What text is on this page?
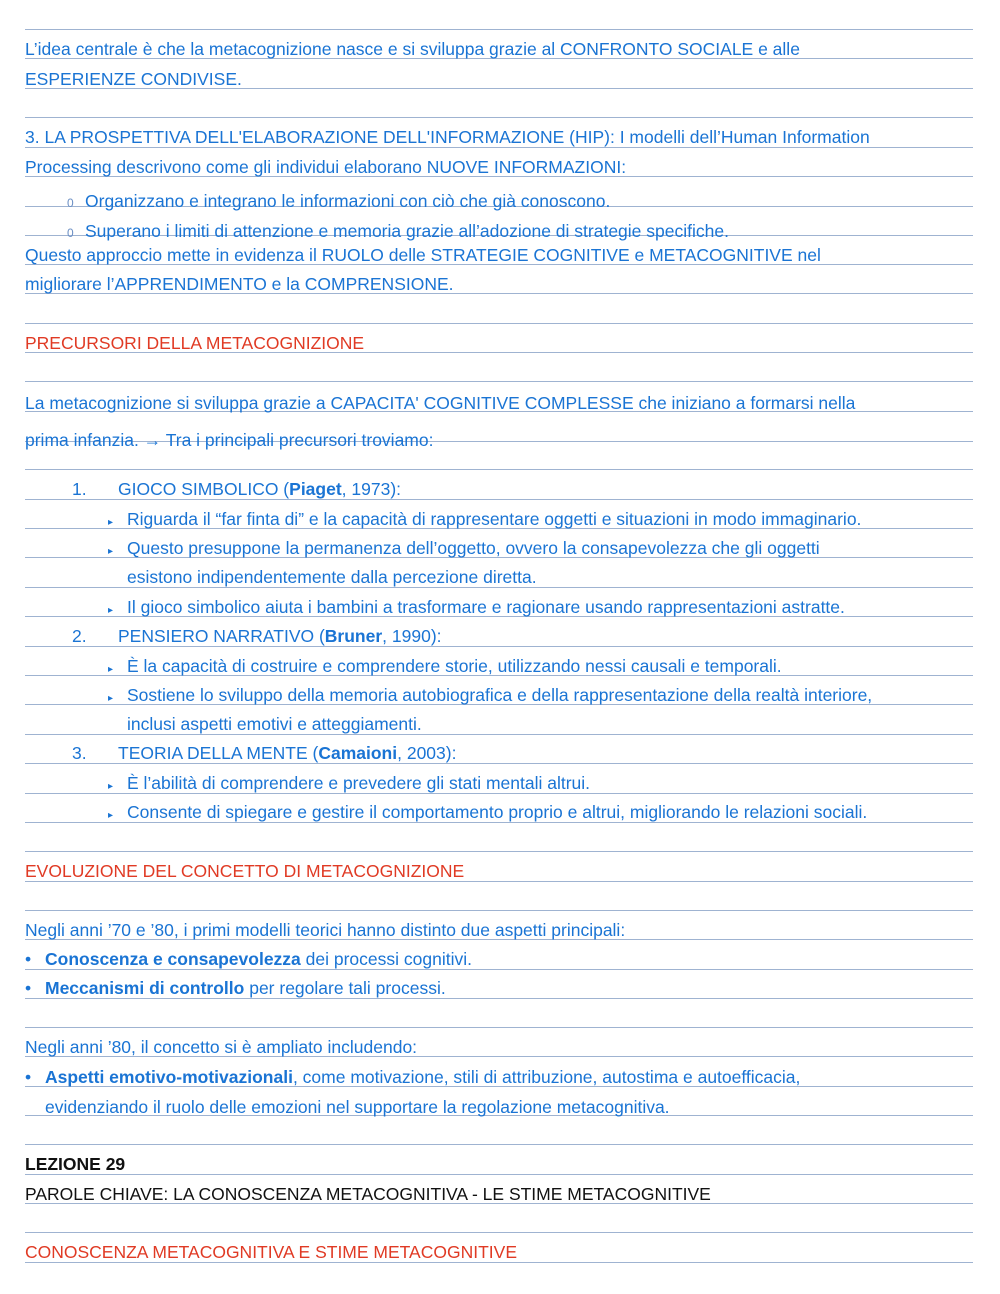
L’idea centrale è che la metacognizione nasce e si sviluppa grazie al CONFRONTO SOCIALE e alle
ESPERIENZE CONDIVISE.
3. LA PROSPETTIVA DELL'ELABORAZIONE DELL'INFORMAZIONE (HIP): I modelli dell’Human Information
Processing descrivono come gli individui elaborano NUOVE INFORMAZIONI:
0 Organizzano e integrano le informazioni con ciò che già conoscono.
0 Superano i limiti di attenzione e memoria grazie all’adozione di strategie specifiche.
Questo approccio mette in evidenza il RUOLO delle STRATEGIE COGNITIVE e METACOGNITIVE nel
migliorare l’APPRENDIMENTO e la COMPRENSIONE.
PRECURSORI DELLA METACOGNIZIONE
La metacognizione si sviluppa grazie a CAPACITA' COGNITIVE COMPLESSE che iniziano a formarsi nella
prima infanzia. → Tra i principali precursori troviamo:
1. GIOCO SIMBOLICO (Piaget, 1973):
▸ Riguarda il “far finta di” e la capacità di rappresentare oggetti e situazioni in modo immaginario.
▸ Questo presuppone la permanenza dell’oggetto, ovvero la consapevolezza che gli oggetti
esistono indipendentemente dalla percezione diretta.
▸ Il gioco simbolico aiuta i bambini a trasformare e ragionare usando rappresentazioni astratte.
2. PENSIERO NARRATIVO (Bruner, 1990):
▸ È la capacità di costruire e comprendere storie, utilizzando nessi causali e temporali.
▸ Sostiene lo sviluppo della memoria autobiografica e della rappresentazione della realtà interiore,
inclusi aspetti emotivi e atteggiamenti.
3. TEORIA DELLA MENTE (Camaioni, 2003):
▸ È l’abilità di comprendere e prevedere gli stati mentali altrui.
▸ Consente di spiegare e gestire il comportamento proprio e altrui, migliorando le relazioni sociali.
EVOLUZIONE DEL CONCETTO DI METACOGNIZIONE
Negli anni ’70 e ’80, i primi modelli teorici hanno distinto due aspetti principali:
• Conoscenza e consapevolezza dei processi cognitivi.
• Meccanismi di controllo per regolare tali processi.
Negli anni ’80, il concetto si è ampliato includendo:
• Aspetti emotivo-motivazionali, come motivazione, stili di attribuzione, autostima e autoefficacia,
evidenziando il ruolo delle emozioni nel supportare la regolazione metacognitiva.
LEZIONE 29
PAROLE CHIAVE: LA CONOSCENZA METACOGNITIVA - LE STIME METACOGNITIVE
CONOSCENZA METACOGNITIVA E STIME METACOGNITIVE
